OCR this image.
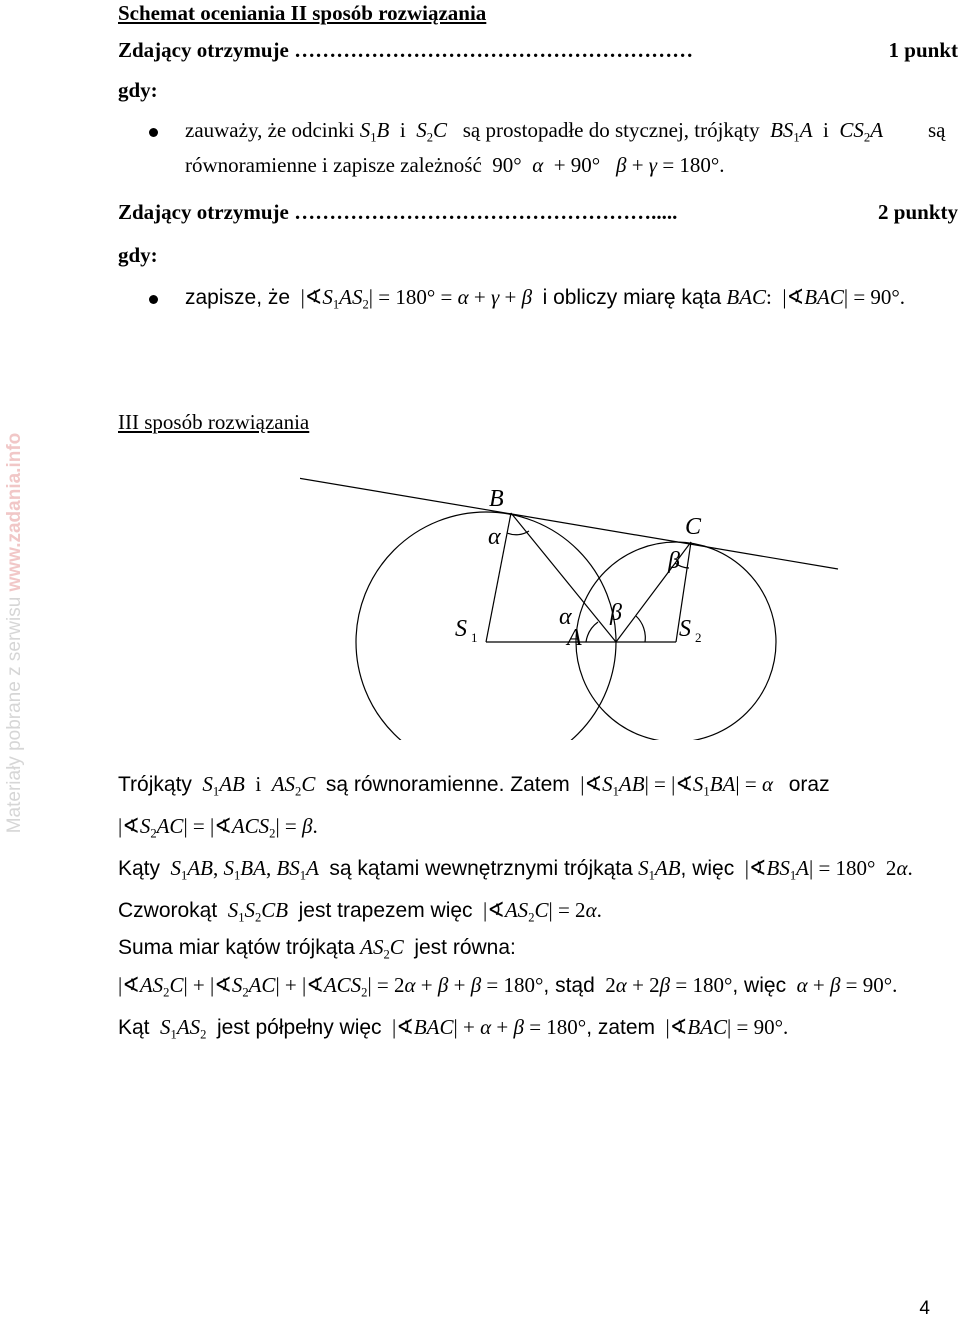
Materiały pobrane z serwisu www.zadania.info
Schemat oceniania II sposób rozwiązania
Zdający otrzymuje …………………………………………………	1 punkt
gdy:
zauważy, że odcinki $S_1B$  i  $S_2C$ są prostopadłe do stycznej, trójkąty $BS_1A$  i  $CS_2A$ są
równoramienne i zapisze zależność  90°  α  + 90°   β + γ = 180°.
Zdający otrzymuje …………………………………………….....	2 punkty
gdy:
zapisze, że  $|∢S_1AS_2| = 180^\circ = \alpha + \gamma + \beta$ i obliczy miarę kąta BAC:  |∢BAC| = 90°.
III sposób rozwiązania
B
C
α
β
α β
A
S 1	S 2
Trójkąty $S_1AB$  i  $AS_2C$ są równoramienne. Zatem  $|∢S_1AB|$ = $|∢S_1BA| = \alpha$ oraz
$|∢S_2AC|$ = $|∢ACS_2| = \beta$.
Kąty $S_1AB$, $S_1BA$, $BS_1A$ są kątami wewnętrznymi trójkąta $S_1AB$, więc  $|∢BS_1A| = 180^\circ$  2α.
Czworokąt $S_1S_2CB$ jest trapezem więc  $|∢AS_2C| = 2\alpha$.
Suma miar kątów trójkąta $AS_2C$ jest równa:
$|∢AS_2C|$ + $|∢S_2AC|$ + $|∢ACS_2| = 2\alpha + \beta + \beta = 180^\circ$, stąd  2α + 2β = 180°, więc α + β = 90°.
Kąt $S_1AS_2$ jest półpełny więc  |∢BAC| + α + β = 180°, zatem  |∢BAC| = 90°.
4
